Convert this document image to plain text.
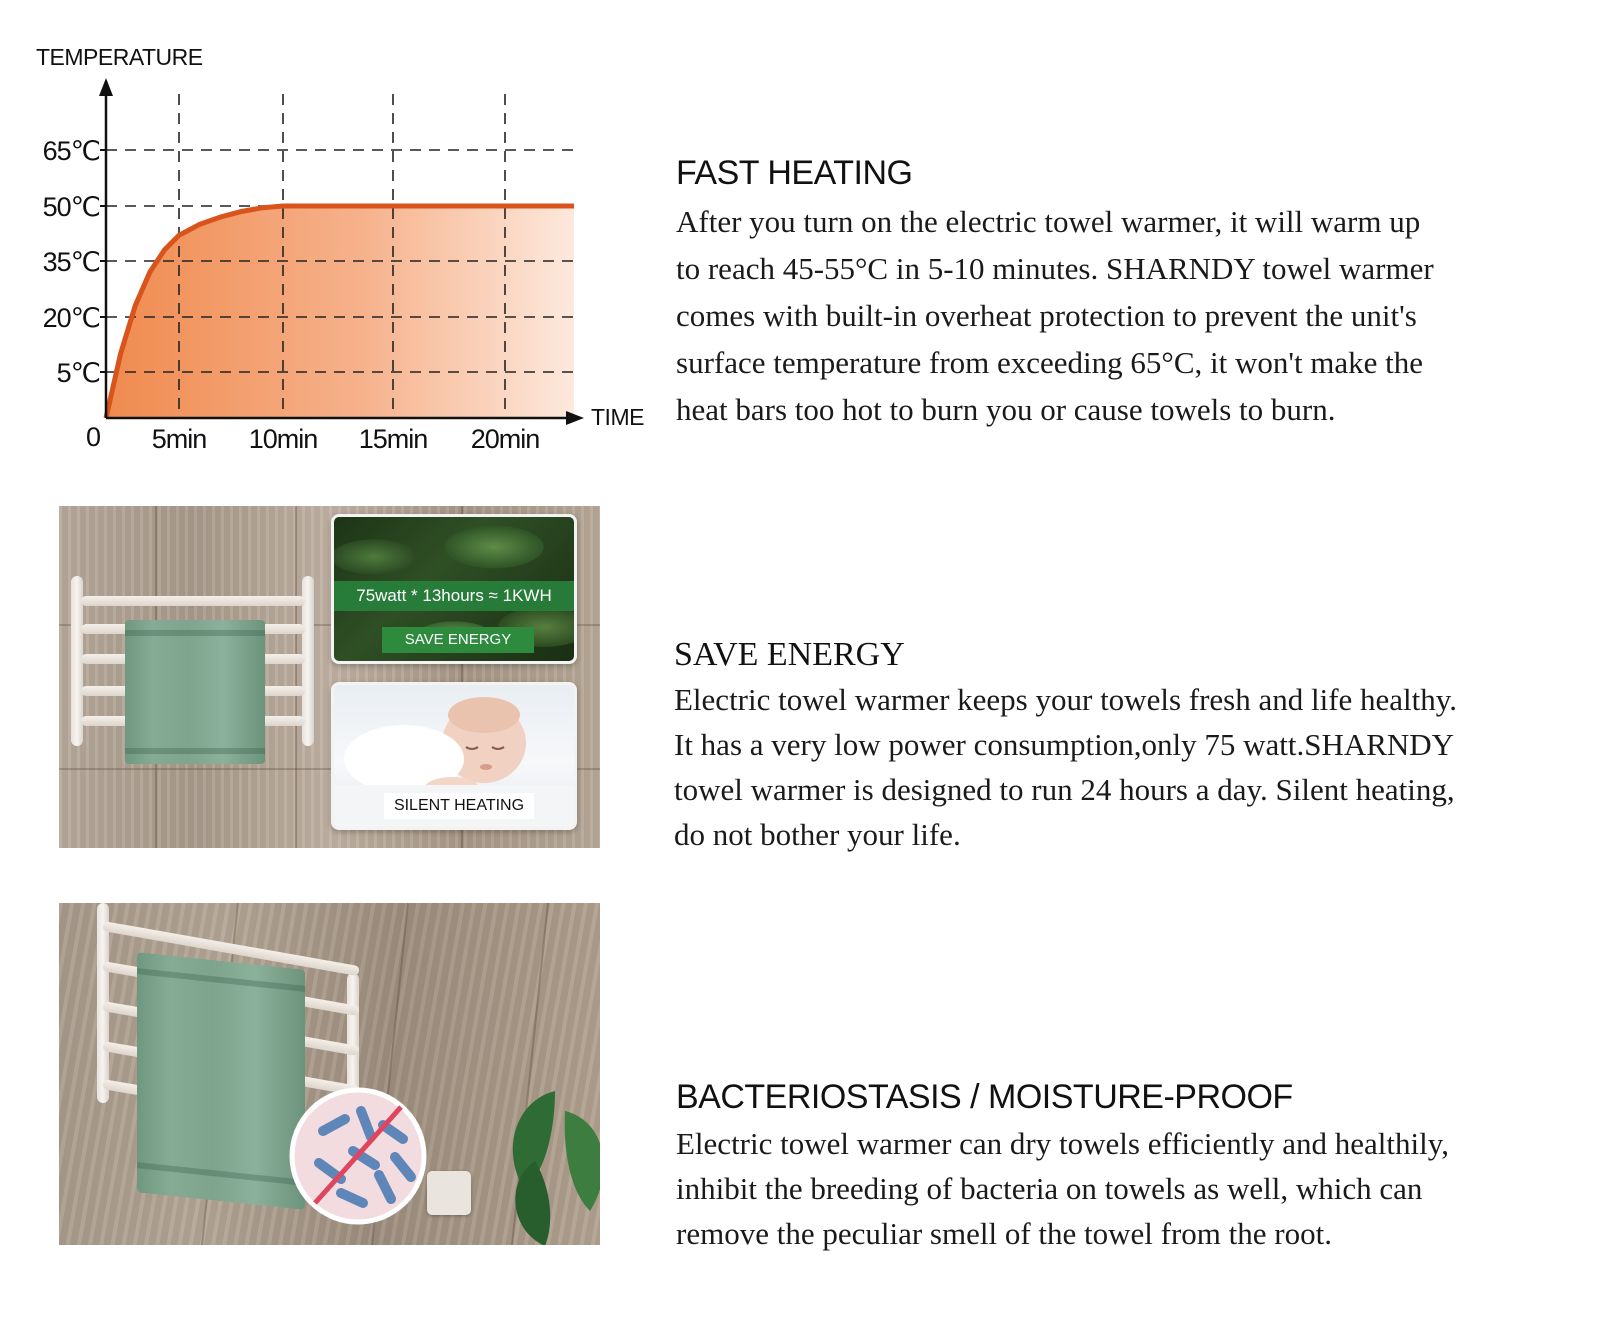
TEMPERATURE
TIME
0
5℃
20℃
35℃
50℃
65℃
5min 10min 15min 20min
FAST HEATING
After you turn on the electric towel warmer, it will warm up
to reach 45-55°C in 5-10 minutes. SHARNDY towel warmer
comes with built-in overheat protection to prevent the unit's
surface temperature from exceeding 65°C, it won't make the
heat bars too hot to burn you or cause towels to burn.
75watt * 13hours ≈ 1KWH
SAVE ENERGY
SILENT HEATING
SAVE ENERGY
Electric towel warmer keeps your towels fresh and life healthy.
It has a very low power consumption,only 75 watt.SHARNDY
towel warmer is designed to run 24 hours a day. Silent heating,
do not bother your life.
BACTERIOSTASIS / MOISTURE-PROOF
Electric towel warmer can dry towels efficiently and healthily,
inhibit the breeding of bacteria on towels as well, which can
remove the peculiar smell of the towel from the root.
